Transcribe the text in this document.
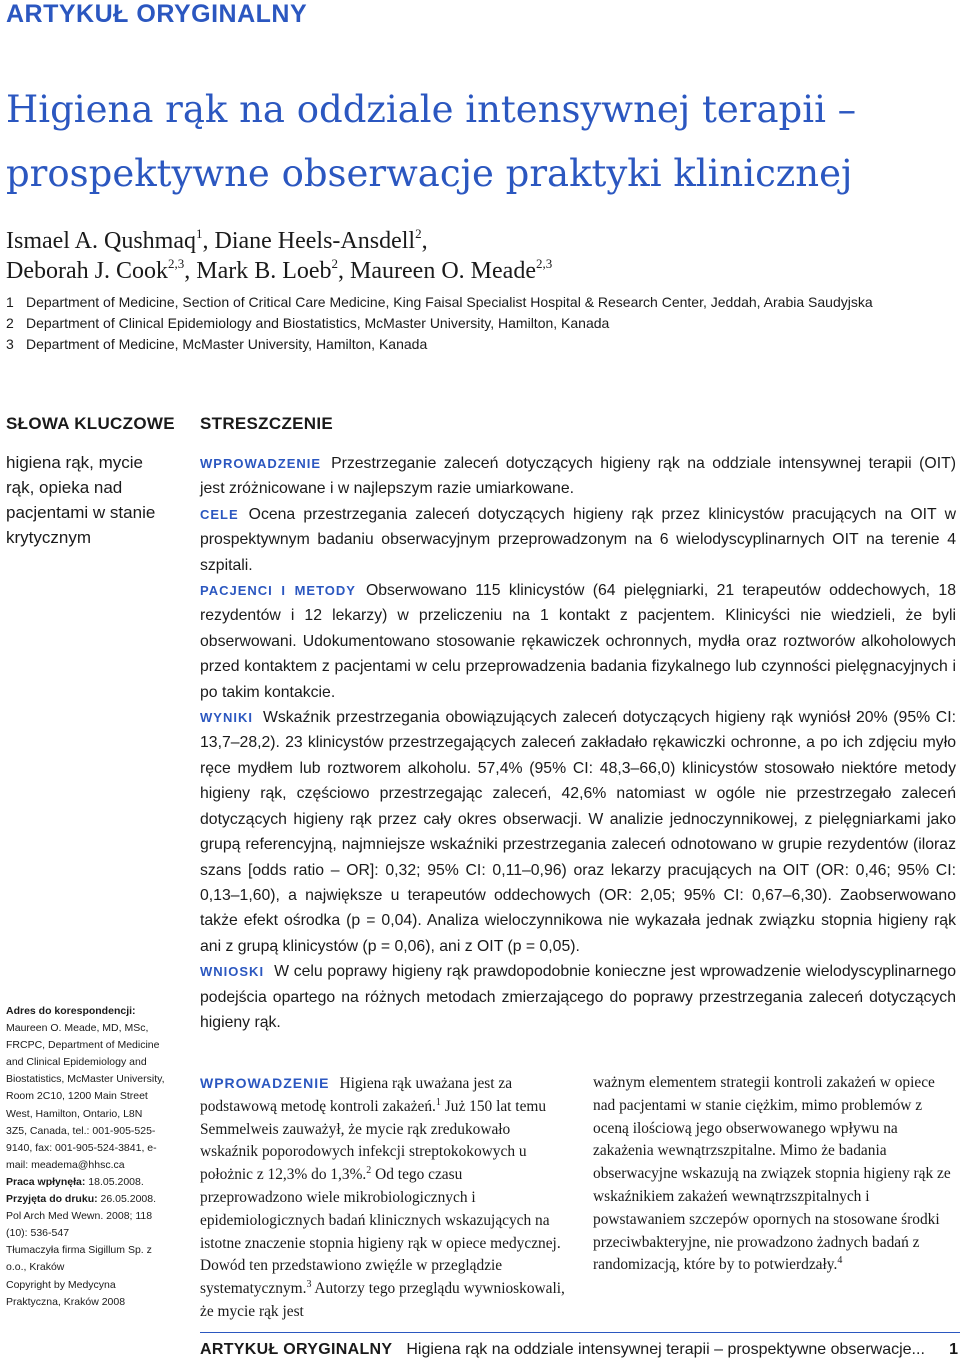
ARTYKUŁ ORYGINALNY
Higiena rąk na oddziale intensywnej terapii – prospektywne obserwacje praktyki klinicznej
Ismael A. Qushmaq$^1$, Diane Heels-Ansdell$^2$,
Deborah J. Cook$^{2,3}$, Mark B. Loeb$^2$, Maureen O. Meade$^{2,3}$
1 Department of Medicine, Section of Critical Care Medicine, King Faisal Specialist Hospital & Research Center, Jeddah, Arabia Saudyjska
2 Department of Clinical Epidemiology and Biostatistics, McMaster University, Hamilton, Kanada
3 Department of Medicine, McMaster University, Hamilton, Kanada
SŁOWA KLUCZOWE
higiena rąk, mycie rąk, opieka nad pacjentami w stanie krytycznym
STRESZCZENIE

WPROWADZENIE Przestrzeganie zaleceń dotyczących higieny rąk na oddziale intensywnej terapii (OIT) jest zróżnicowane i w najlepszym razie umiarkowane.

CELE Ocena przestrzegania zaleceń dotyczących higieny rąk przez klinicystów pracujących na OIT w prospektywnym badaniu obserwacyjnym przeprowadzonym na 6 wielodyscyplinarnych OIT na terenie 4 szpitali.

PACJENCI I METODY Obserwowano 115 klinicystów (64 pielęgniarki, 21 terapeutów oddechowych, 18 rezydentów i 12 lekarzy) w przeliczeniu na 1 kontakt z pacjentem. Klinicyści nie wiedzieli, że byli obserwowani. Udokumentowano stosowanie rękawiczek ochronnych, mydła oraz roztworów alkoholowych przed kontaktem z pacjentami w celu przeprowadzenia badania fizykalnego lub czynności pielęgnacyjnych i po takim kontakcie.

WYNIKI Wskaźnik przestrzegania obowiązujących zaleceń dotyczących higieny rąk wyniósł 20% (95% CI: 13,7–28,2). 23 klinicystów przestrzegających zaleceń zakładało rękawiczki ochronne, a po ich zdjęciu myło ręce mydłem lub roztworem alkoholu. 57,4% (95% CI: 48,3–66,0) klinicystów stosowało niektóre metody higieny rąk, częściowo przestrzegając zaleceń, 42,6% natomiast w ogóle nie przestrzegało zaleceń dotyczących higieny rąk przez cały okres obserwacji. W analizie jednoczynnikowej, z pielęgniarkami jako grupą referencyjną, najmniejsze wskaźniki przestrzegania zaleceń odnotowano w grupie rezydentów (iloraz szans [odds ratio – OR]: 0,32; 95% CI: 0,11–0,96) oraz lekarzy pracujących na OIT (OR: 0,46; 95% CI: 0,13–1,60), a największe u terapeutów oddechowych (OR: 2,05; 95% CI: 0,67–6,30). Zaobserwowano także efekt ośrodka (p = 0,04). Analiza wieloczynnikowa nie wykazała jednak związku stopnia higieny rąk ani z grupą klinicystów (p = 0,06), ani z OIT (p = 0,05).

WNIOSKI W celu poprawy higieny rąk prawdopodobnie konieczne jest wprowadzenie wielodyscyplinarnego podejścia opartego na różnych metodach zmierzającego do poprawy przestrzegania zaleceń dotyczących higieny rąk.

Adres do korespondencji:
Maureen O. Meade, MD, MSc, FRCPC, Department of Medicine and Clinical Epidemiology and Biostatistics, McMaster University, Room 2C10, 1200 Main Street West, Hamilton, Ontario, L8N 3Z5, Canada, tel.: 001-905-525-9140, fax: 001-905-524-3841, e-mail: meadema@hhsc.ca
Praca wpłynęła: 18.05.2008.
Przyjęta do druku: 26.05.2008.
Pol Arch Med Wewn. 2008; 118 (10): 536-547
Tłumaczyła firma Sigillum Sp. z o.o., Kraków
Copyright by Medycyna Praktyczna, Kraków 2008
WPROWADZENIE Higiena rąk uważana jest za podstawową metodę kontroli zakażeń.$^1$ Już 150 lat temu Semmelweis zauważył, że mycie rąk zredukowało wskaźnik poporodowych infekcji streptokokowych u położnic z 12,3% do 1,3%.$^2$ Od tego czasu przeprowadzono wiele mikrobiologicznych i epidemiologicznych badań klinicznych wskazujących na istotne znaczenie stopnia higieny rąk w opiece medycznej. Dowód ten przedstawiono zwięźle w przeglądzie systematycznym.$^3$ Autorzy tego przeglądu wywnioskowali, że mycie rąk jest
ważnym elementem strategii kontroli zakażeń w opiece nad pacjentami w stanie ciężkim, mimo problemów z oceną ilościową jego obserwowanego wpływu na zakażenia wewnątrzszpitalne. Mimo że badania obserwacyjne wskazują na związek stopnia higieny rąk ze wskaźnikiem zakażeń wewnątrzszpitalnych i powstawaniem szczepów opornych na stosowane środki przeciwbakteryjne, nie prowadzono żadnych badań z randomizacją, które by to potwierdzały.$^4$
ARTYKUŁ ORYGINALNY Higiena rąk na oddziale intensywnej terapii – prospektywne obserwacje... 1
